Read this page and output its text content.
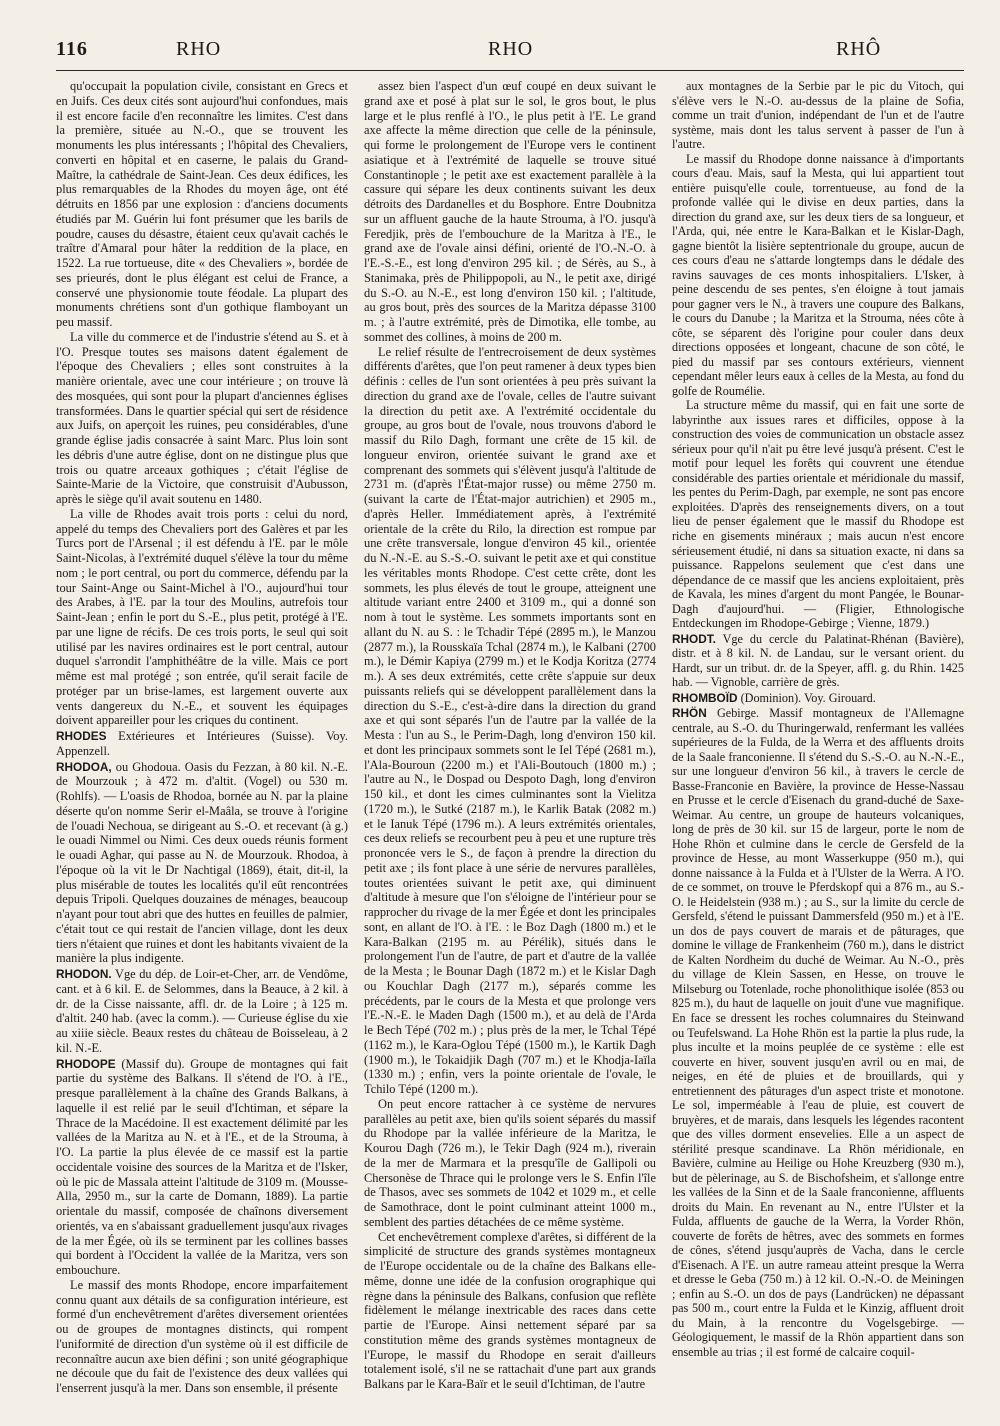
116	RHO	RHO	RHÔ

qu'occupait la population civile, consistant en Grecs et en Juifs. Ces deux cités sont aujourd'hui confondues, mais il est encore facile d'en reconnaître les limites. C'est dans la première, située au N.-O., que se trouvent les monuments les plus intéressants ; l'hôpital des Chevaliers, converti en hôpital et en caserne, le palais du Grand-Maître, la cathédrale de Saint-Jean. Ces deux édifices, les plus remarquables de la Rhodes du moyen âge, ont été détruits en 1856 par une explosion : d'anciens documents étudiés par M. Guérin lui font présumer que les barils de poudre, causes du désastre, étaient ceux qu'avait cachés le traître d'Amaral pour hâter la reddition de la place, en 1522. La rue tortueuse, dite « des Chevaliers », bordée de ses prieurés, dont le plus élégant est celui de France, a conservé une physionomie toute féodale. La plupart des monuments chrétiens sont d'un gothique flamboyant un peu massif.

La ville du commerce et de l'industrie s'étend au S. et à l'O. Presque toutes ses maisons datent également de l'époque des Chevaliers ; elles sont construites à la manière orientale, avec une cour intérieure ; on trouve là des mosquées, qui sont pour la plupart d'anciennes églises transformées. Dans le quartier spécial qui sert de résidence aux Juifs, on aperçoit les ruines, peu considérables, d'une grande église jadis consacrée à saint Marc. Plus loin sont les débris d'une autre église, dont on ne distingue plus que trois ou quatre arceaux gothiques ; c'était l'église de Sainte-Marie de la Victoire, que construisit d'Aubusson, après le siège qu'il avait soutenu en 1480.

La ville de Rhodes avait trois ports : celui du nord, appelé du temps des Chevaliers port des Galères et par les Turcs port de l'Arsenal ; il est défendu à l'E. par le môle Saint-Nicolas, à l'extrémité duquel s'élève la tour du même nom ; le port central, ou port du commerce, défendu par la tour Saint-Ange ou Saint-Michel à l'O., aujourd'hui tour des Arabes, à l'E. par la tour des Moulins, autrefois tour Saint-Jean ; enfin le port du S.-E., plus petit, protégé à l'E. par une ligne de récifs. De ces trois ports, le seul qui soit utilisé par les navires ordinaires est le port central, autour duquel s'arrondit l'amphithéâtre de la ville. Mais ce port même est mal protégé ; son entrée, qu'il serait facile de protéger par un brise-lames, est largement ouverte aux vents dangereux du N.-E., et souvent les équipages doivent appareiller pour les criques du continent.

RHODES Extérieures et Intérieures (Suisse). Voy. Appenzell.

RHODOA, ou Ghodoua. Oasis du Fezzan, à 80 kil. N.-E. de Mourzouk ; à 472 m. d'altit. (Vogel) ou 530 m. (Rohlfs). — L'oasis de Rhodoa, bornée au N. par la plaine déserte qu'on nomme Serir el-Maâla, se trouve à l'origine de l'ouadi Nechoua, se dirigeant au S.-O. et recevant (à g.) le ouadi Nimmel ou Nimi. Ces deux oueds réunis forment le ouadi Aghar, qui passe au N. de Mourzouk. Rhodoa, à l'époque où la vit le Dr Nachtigal (1869), était, dit-il, la plus misérable de toutes les localités qu'il eût rencontrées depuis Tripoli. Quelques douzaines de ménages, beaucoup n'ayant pour tout abri que des huttes en feuilles de palmier, c'était tout ce qui restait de l'ancien village, dont les deux tiers n'étaient que ruines et dont les habitants vivaient de la manière la plus indigente.

RHODON. Vge du dép. de Loir-et-Cher, arr. de Vendôme, cant. et à 6 kil. E. de Selommes, dans la Beauce, à 2 kil. à dr. de la Cisse naissante, affl. dr. de la Loire ; à 125 m. d'altit. 240 hab. (avec la comm.). — Curieuse église du xie au xiiie siècle. Beaux restes du château de Boisseleau, à 2 kil. N.-E.

RHODOPE (Massif du). Groupe de montagnes qui fait partie du système des Balkans. Il s'étend de l'O. à l'E., presque parallèlement à la chaîne des Grands Balkans, à laquelle il est relié par le seuil d'Ichtiman, et sépare la Thrace de la Macédoine. Il est exactement délimité par les vallées de la Maritza au N. et à l'E., et de la Strouma, à l'O. La partie la plus élevée de ce massif est la partie occidentale voisine des sources de la Maritza et de l'Isker, où le pic de Massala atteint l'altitude de 3109 m. (Mousse-Alla, 2950 m., sur la carte de Domann, 1889). La partie orientale du massif, composée de chaînons diversement orientés, va en s'abaissant graduellement jusqu'aux rivages de la mer Égée, où ils se terminent par les collines basses qui bordent à l'Occident la vallée de la Maritza, vers son embouchure.

Le massif des monts Rhodope, encore imparfaitement connu quant aux détails de sa configuration intérieure, est formé d'un enchevêtrement d'arêtes diversement orientées ou de groupes de montagnes distincts, qui rompent l'uniformité de direction d'un système où il est difficile de reconnaître aucun axe bien défini ; son unité géographique ne découle que du fait de l'existence des deux vallées qui l'enserrent jusqu'à la mer. Dans son ensemble, il présente

assez bien l'aspect d'un œuf coupé en deux suivant le grand axe et posé à plat sur le sol, le gros bout, le plus large et le plus renflé à l'O., le plus petit à l'E. Le grand axe affecte la même direction que celle de la péninsule, qui forme le prolongement de l'Europe vers le continent asiatique et à l'extrémité de laquelle se trouve situé Constantinople ; le petit axe est exactement parallèle à la cassure qui sépare les deux continents suivant les deux détroits des Dardanelles et du Bosphore. Entre Doubnitza sur un affluent gauche de la haute Strouma, à l'O. jusqu'à Feredjik, près de l'embouchure de la Maritza à l'E., le grand axe de l'ovale ainsi défini, orienté de l'O.-N.-O. à l'E.-S.-E., est long d'environ 295 kil. ; de Sérès, au S., à Stanimaka, près de Philippopoli, au N., le petit axe, dirigé du S.-O. au N.-E., est long d'environ 150 kil. ; l'altitude, au gros bout, près des sources de la Maritza dépasse 3100 m. ; à l'autre extrémité, près de Dimotika, elle tombe, au sommet des collines, à moins de 200 m.

Le relief résulte de l'entrecroisement de deux systèmes différents d'arêtes, que l'on peut ramener à deux types bien définis : celles de l'un sont orientées à peu près suivant la direction du grand axe de l'ovale, celles de l'autre suivant la direction du petit axe. A l'extrémité occidentale du groupe, au gros bout de l'ovale, nous trouvons d'abord le massif du Rilo Dagh, formant une crête de 15 kil. de longueur environ, orientée suivant le grand axe et comprenant des sommets qui s'élèvent jusqu'à l'altitude de 2731 m. (d'après l'État-major russe) ou même 2750 m. (suivant la carte de l'État-major autrichien) et 2905 m., d'après Heller. Immédiatement après, à l'extrémité orientale de la crête du Rilo, la direction est rompue par une crête transversale, longue d'environ 45 kil., orientée du N.-N.-E. au S.-S.-O. suivant le petit axe et qui constitue les véritables monts Rhodope. C'est cette crête, dont les sommets, les plus élevés de tout le groupe, atteignent une altitude variant entre 2400 et 3109 m., qui a donné son nom à tout le système. Les sommets importants sont en allant du N. au S. : le Tchadir Tépé (2895 m.), le Manzou (2877 m.), la Rousskaïa Tchal (2874 m.), le Kalbani (2700 m.), le Démir Kapiya (2799 m.) et le Kodja Koritza (2774 m.). A ses deux extrémités, cette crête s'appuie sur deux puissants reliefs qui se développent parallèlement dans la direction du S.-E., c'est-à-dire dans la direction du grand axe et qui sont séparés l'un de l'autre par la vallée de la Mesta : l'un au S., le Perim-Dagh, long d'environ 150 kil. et dont les principaux sommets sont le Iel Tépé (2681 m.), l'Ala-Bouroun (2200 m.) et l'Ali-Boutouch (1800 m.) ; l'autre au N., le Dospad ou Despoto Dagh, long d'environ 150 kil., et dont les cimes culminantes sont la Vielitza (1720 m.), le Sutké (2187 m.), le Karlik Batak (2082 m.) et le Ianuk Tépé (1796 m.). A leurs extrémités orientales, ces deux reliefs se recourbent peu à peu et une rupture très prononcée vers le S., de façon à prendre la direction du petit axe ; ils font place à une série de nervures parallèles, toutes orientées suivant le petit axe, qui diminuent d'altitude à mesure que l'on s'éloigne de l'intérieur pour se rapprocher du rivage de la mer Égée et dont les principales sont, en allant de l'O. à l'E. : le Boz Dagh (1800 m.) et le Kara-Balkan (2195 m. au Pérélik), situés dans le prolongement l'un de l'autre, de part et d'autre de la vallée de la Mesta ; le Bounar Dagh (1872 m.) et le Kislar Dagh ou Kouchlar Dagh (2177 m.), séparés comme les précédents, par le cours de la Mesta et que prolonge vers l'E.-N.-E. le Maden Dagh (1500 m.), et au delà de l'Arda le Bech Tépé (702 m.) ; plus près de la mer, le Tchal Tépé (1162 m.), le Kara-Oglou Tépé (1500 m.), le Kartik Dagh (1900 m.), le Tokaidjik Dagh (707 m.) et le Khodja-Iaïla (1330 m.) ; enfin, vers la pointe orientale de l'ovale, le Tchilo Tépé (1200 m.).

On peut encore rattacher à ce système de nervures parallèles au petit axe, bien qu'ils soient séparés du massif du Rhodope par la vallée inférieure de la Maritza, le Kourou Dagh (726 m.), le Tekir Dagh (924 m.), riverain de la mer de Marmara et la presqu'île de Gallipoli ou Chersonèse de Thrace qui le prolonge vers le S. Enfin l'île de Thasos, avec ses sommets de 1042 et 1029 m., et celle de Samothrace, dont le point culminant atteint 1000 m., semblent des parties détachées de ce même système.

Cet enchevêtrement complexe d'arêtes, si différent de la simplicité de structure des grands systèmes montagneux de l'Europe occidentale ou de la chaîne des Balkans elle-même, donne une idée de la confusion orographique qui règne dans la péninsule des Balkans, confusion que reflète fidèlement le mélange inextricable des races dans cette partie de l'Europe. Ainsi nettement séparé par sa constitution même des grands systèmes montagneux de l'Europe, le massif du Rhodope en serait d'ailleurs totalement isolé, s'il ne se rattachait d'une part aux grands Balkans par le Kara-Baïr et le seuil d'Ichtiman, de l'autre

aux montagnes de la Serbie par le pic du Vitoch, qui s'élève vers le N.-O. au-dessus de la plaine de Sofia, comme un trait d'union, indépendant de l'un et de l'autre système, mais dont les talus servent à passer de l'un à l'autre.

Le massif du Rhodope donne naissance à d'importants cours d'eau. Mais, sauf la Mesta, qui lui appartient tout entière puisqu'elle coule, torrentueuse, au fond de la profonde vallée qui le divise en deux parties, dans la direction du grand axe, sur les deux tiers de sa longueur, et l'Arda, qui, née entre le Kara-Balkan et le Kislar-Dagh, gagne bientôt la lisière septentrionale du groupe, aucun de ces cours d'eau ne s'attarde longtemps dans le dédale des ravins sauvages de ces monts inhospitaliers. L'Isker, à peine descendu de ses pentes, s'en éloigne à tout jamais pour gagner vers le N., à travers une coupure des Balkans, le cours du Danube ; la Maritza et la Strouma, nées côte à côte, se séparent dès l'origine pour couler dans deux directions opposées et longeant, chacune de son côté, le pied du massif par ses contours extérieurs, viennent cependant mêler leurs eaux à celles de la Mesta, au fond du golfe de Roumélie.

La structure même du massif, qui en fait une sorte de labyrinthe aux issues rares et difficiles, oppose à la construction des voies de communication un obstacle assez sérieux pour qu'il n'ait pu être levé jusqu'à présent. C'est le motif pour lequel les forêts qui couvrent une étendue considérable des parties orientale et méridionale du massif, les pentes du Perim-Dagh, par exemple, ne sont pas encore exploitées. D'après des renseignements divers, on a tout lieu de penser également que le massif du Rhodope est riche en gisements minéraux ; mais aucun n'est encore sérieusement étudié, ni dans sa situation exacte, ni dans sa puissance. Rappelons seulement que c'est dans une dépendance de ce massif que les anciens exploitaient, près de Kavala, les mines d'argent du mont Pangée, le Bounar-Dagh d'aujourd'hui. — (Fligier, Ethnologische Entdeckungen im Rhodope-Gebirge ; Vienne, 1879.)

RHODT. Vge du cercle du Palatinat-Rhénan (Bavière), distr. et à 8 kil. N. de Landau, sur le versant orient. du Hardt, sur un tribut. dr. de la Speyer, affl. g. du Rhin. 1425 hab. — Vignoble, carrière de grès.

RHOMBOÏD (Dominion). Voy. Girouard.

RHÖN Gebirge. Massif montagneux de l'Allemagne centrale, au S.-O. du Thuringerwald, renfermant les vallées supérieures de la Fulda, de la Werra et des affluents droits de la Saale franconienne. Il s'étend du S.-S.-O. au N.-N.-E., sur une longueur d'environ 56 kil., à travers le cercle de Basse-Franconie en Bavière, la province de Hesse-Nassau en Prusse et le cercle d'Eisenach du grand-duché de Saxe-Weimar. Au centre, un groupe de hauteurs volcaniques, long de près de 30 kil. sur 15 de largeur, porte le nom de Hohe Rhön et culmine dans le cercle de Gersfeld de la province de Hesse, au mont Wasserkuppe (950 m.), qui donne naissance à la Fulda et à l'Ulster de la Werra. A l'O. de ce sommet, on trouve le Pferdskopf qui a 876 m., au S.-O. le Heidelstein (938 m.) ; au S., sur la limite du cercle de Gersfeld, s'étend le puissant Dammersfeld (950 m.) et à l'E. un dos de pays couvert de marais et de pâturages, que domine le village de Frankenheim (760 m.), dans le district de Kalten Nordheim du duché de Weimar. Au N.-O., près du village de Klein Sassen, en Hesse, on trouve le Milseburg ou Totenlade, roche phonolithique isolée (853 ou 825 m.), du haut de laquelle on jouit d'une vue magnifique. En face se dressent les roches columnaires du Steinwand ou Teufelswand. La Hohe Rhön est la partie la plus rude, la plus inculte et la moins peuplée de ce système : elle est couverte en hiver, souvent jusqu'en avril ou en mai, de neiges, en été de pluies et de brouillards, qui y entretiennent des pâturages d'un aspect triste et monotone. Le sol, imperméable à l'eau de pluie, est couvert de bruyères, et de marais, dans lesquels les légendes racontent que des villes dorment ensevelies. Elle a un aspect de stérilité presque scandinave. La Rhön méridionale, en Bavière, culmine au Heilige ou Hohe Kreuzberg (930 m.), but de pèlerinage, au S. de Bischofsheim, et s'allonge entre les vallées de la Sinn et de la Saale franconienne, affluents droits du Main. En revenant au N., entre l'Ulster et la Fulda, affluents de gauche de la Werra, la Vorder Rhön, couverte de forêts de hêtres, avec des sommets en formes de cônes, s'étend jusqu'auprès de Vacha, dans le cercle d'Eisenach. A l'E. un autre rameau atteint presque la Werra et dresse le Geba (750 m.) à 12 kil. O.-N.-O. de Meiningen ; enfin au S.-O. un dos de pays (Landrücken) ne dépassant pas 500 m., court entre la Fulda et le Kinzig, affluent droit du Main, à la rencontre du Vogelsgebirge. — Géologiquement, le massif de la Rhön appartient dans son ensemble au trias ; il est formé de calcaire coquil-
